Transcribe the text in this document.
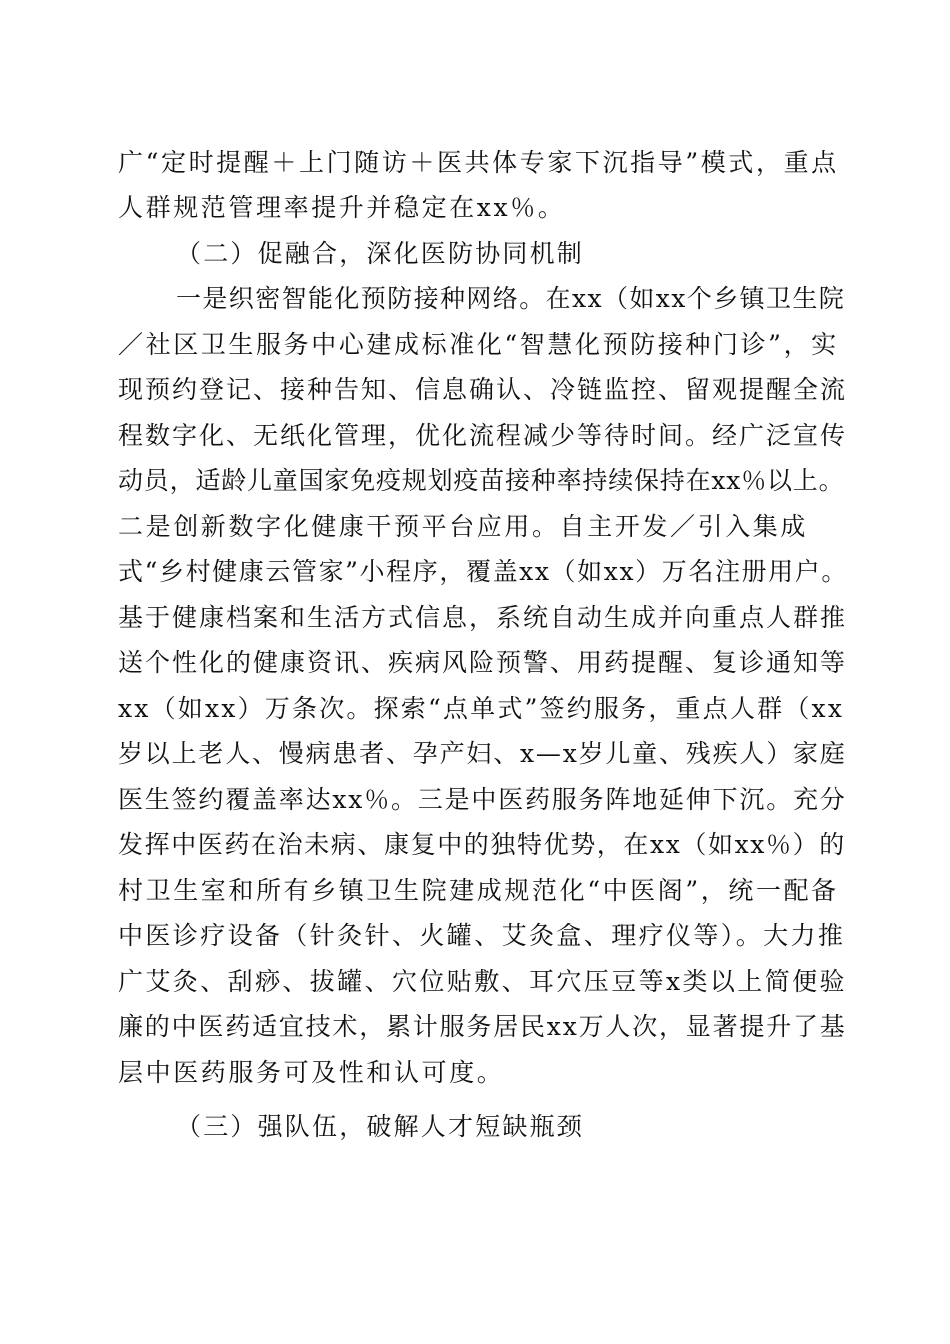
广“定时提醒＋上门随访＋医共体专家下沉指导”模式，重点
人群规范管理率提升并稳定在xx％。
（二）促融合，深化医防协同机制
一是织密智能化预防接种网络。在xx（如xx个乡镇卫生院
／社区卫生服务中心建成标准化“智慧化预防接种门诊”，实
现预约登记、接种告知、信息确认、冷链监控、留观提醒全流
程数字化、无纸化管理，优化流程减少等待时间。经广泛宣传
动员，适龄儿童国家免疫规划疫苗接种率持续保持在xx％以上。
二是创新数字化健康干预平台应用。自主开发／引入集成
式“乡村健康云管家”小程序，覆盖xx（如xx）万名注册用户。
基于健康档案和生活方式信息，系统自动生成并向重点人群推
送个性化的健康资讯、疾病风险预警、用药提醒、复诊通知等
xx（如xx）万条次。探索“点单式”签约服务，重点人群（xx
岁以上老人、慢病患者、孕产妇、x—x岁儿童、残疾人）家庭
医生签约覆盖率达xx％。三是中医药服务阵地延伸下沉。充分
发挥中医药在治未病、康复中的独特优势，在xx（如xx％）的
村卫生室和所有乡镇卫生院建成规范化“中医阁”，统一配备
中医诊疗设备（针灸针、火罐、艾灸盒、理疗仪等）。大力推
广艾灸、刮痧、拔罐、穴位贴敷、耳穴压豆等x类以上简便验
廉的中医药适宜技术，累计服务居民xx万人次，显著提升了基
层中医药服务可及性和认可度。
（三）强队伍，破解人才短缺瓶颈
